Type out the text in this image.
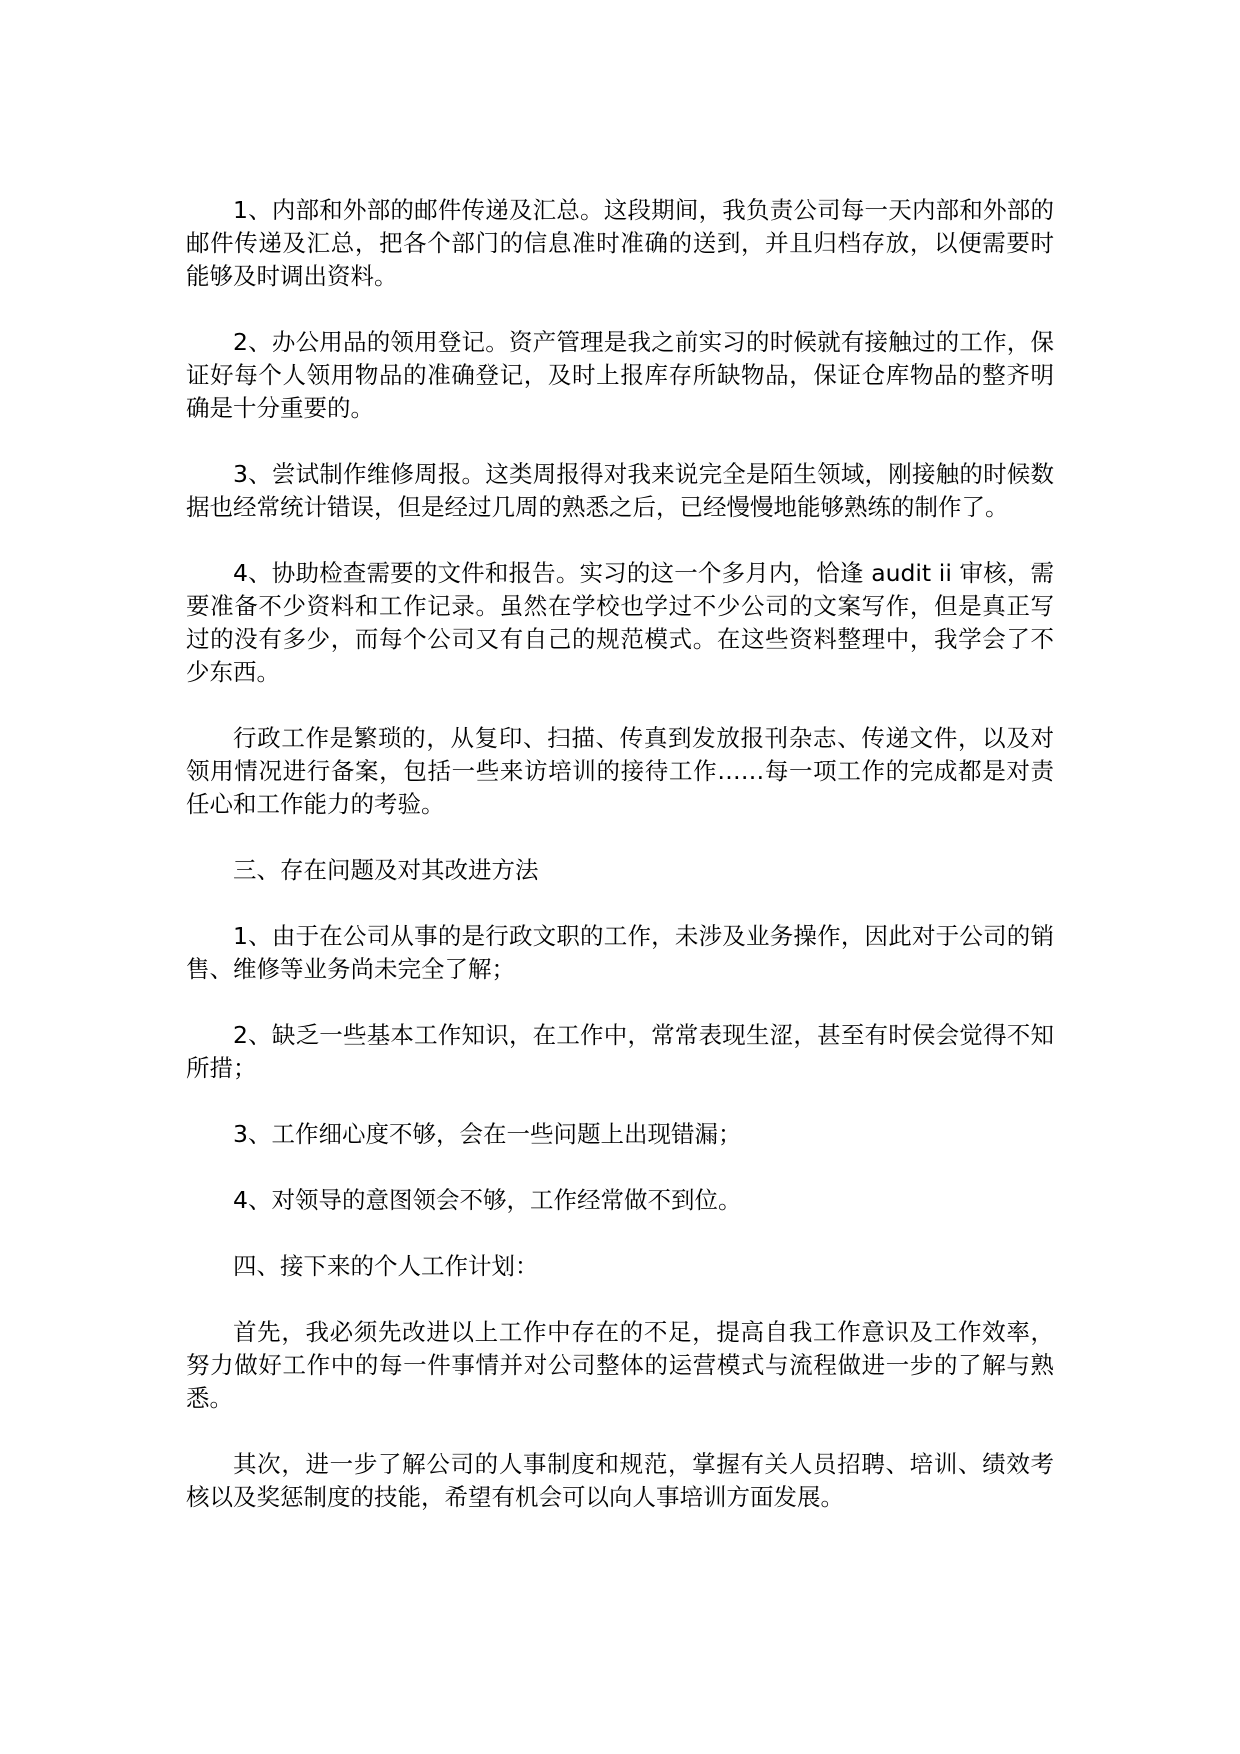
1、内部和外部的邮件传递及汇总。这段期间，我负责公司每一天内部和外部的邮件传递及汇总，把各个部门的信息准时准确的送到，并且归档存放，以便需要时能够及时调出资料。

2、办公用品的领用登记。资产管理是我之前实习的时候就有接触过的工作，保证好每个人领用物品的准确登记，及时上报库存所缺物品，保证仓库物品的整齐明确是十分重要的。

3、尝试制作维修周报。这类周报得对我来说完全是陌生领域，刚接触的时候数据也经常统计错误，但是经过几周的熟悉之后，已经慢慢地能够熟练的制作了。

4、协助检查需要的文件和报告。实习的这一个多月内，恰逢 audit ii 审核，需要准备不少资料和工作记录。虽然在学校也学过不少公司的文案写作，但是真正写过的没有多少，而每个公司又有自己的规范模式。在这些资料整理中，我学会了不少东西。

行政工作是繁琐的，从复印、扫描、传真到发放报刊杂志、传递文件，以及对领用情况进行备案，包括一些来访培训的接待工作……每一项工作的完成都是对责任心和工作能力的考验。

三、存在问题及对其改进方法

1、由于在公司从事的是行政文职的工作，未涉及业务操作，因此对于公司的销售、维修等业务尚未完全了解；

2、缺乏一些基本工作知识，在工作中，常常表现生涩，甚至有时侯会觉得不知所措；

3、工作细心度不够，会在一些问题上出现错漏；

4、对领导的意图领会不够，工作经常做不到位。

四、接下来的个人工作计划：

首先，我必须先改进以上工作中存在的不足，提高自我工作意识及工作效率，努力做好工作中的每一件事情并对公司整体的运营模式与流程做进一步的了解与熟悉。

其次，进一步了解公司的人事制度和规范，掌握有关人员招聘、培训、绩效考核以及奖惩制度的技能，希望有机会可以向人事培训方面发展。
